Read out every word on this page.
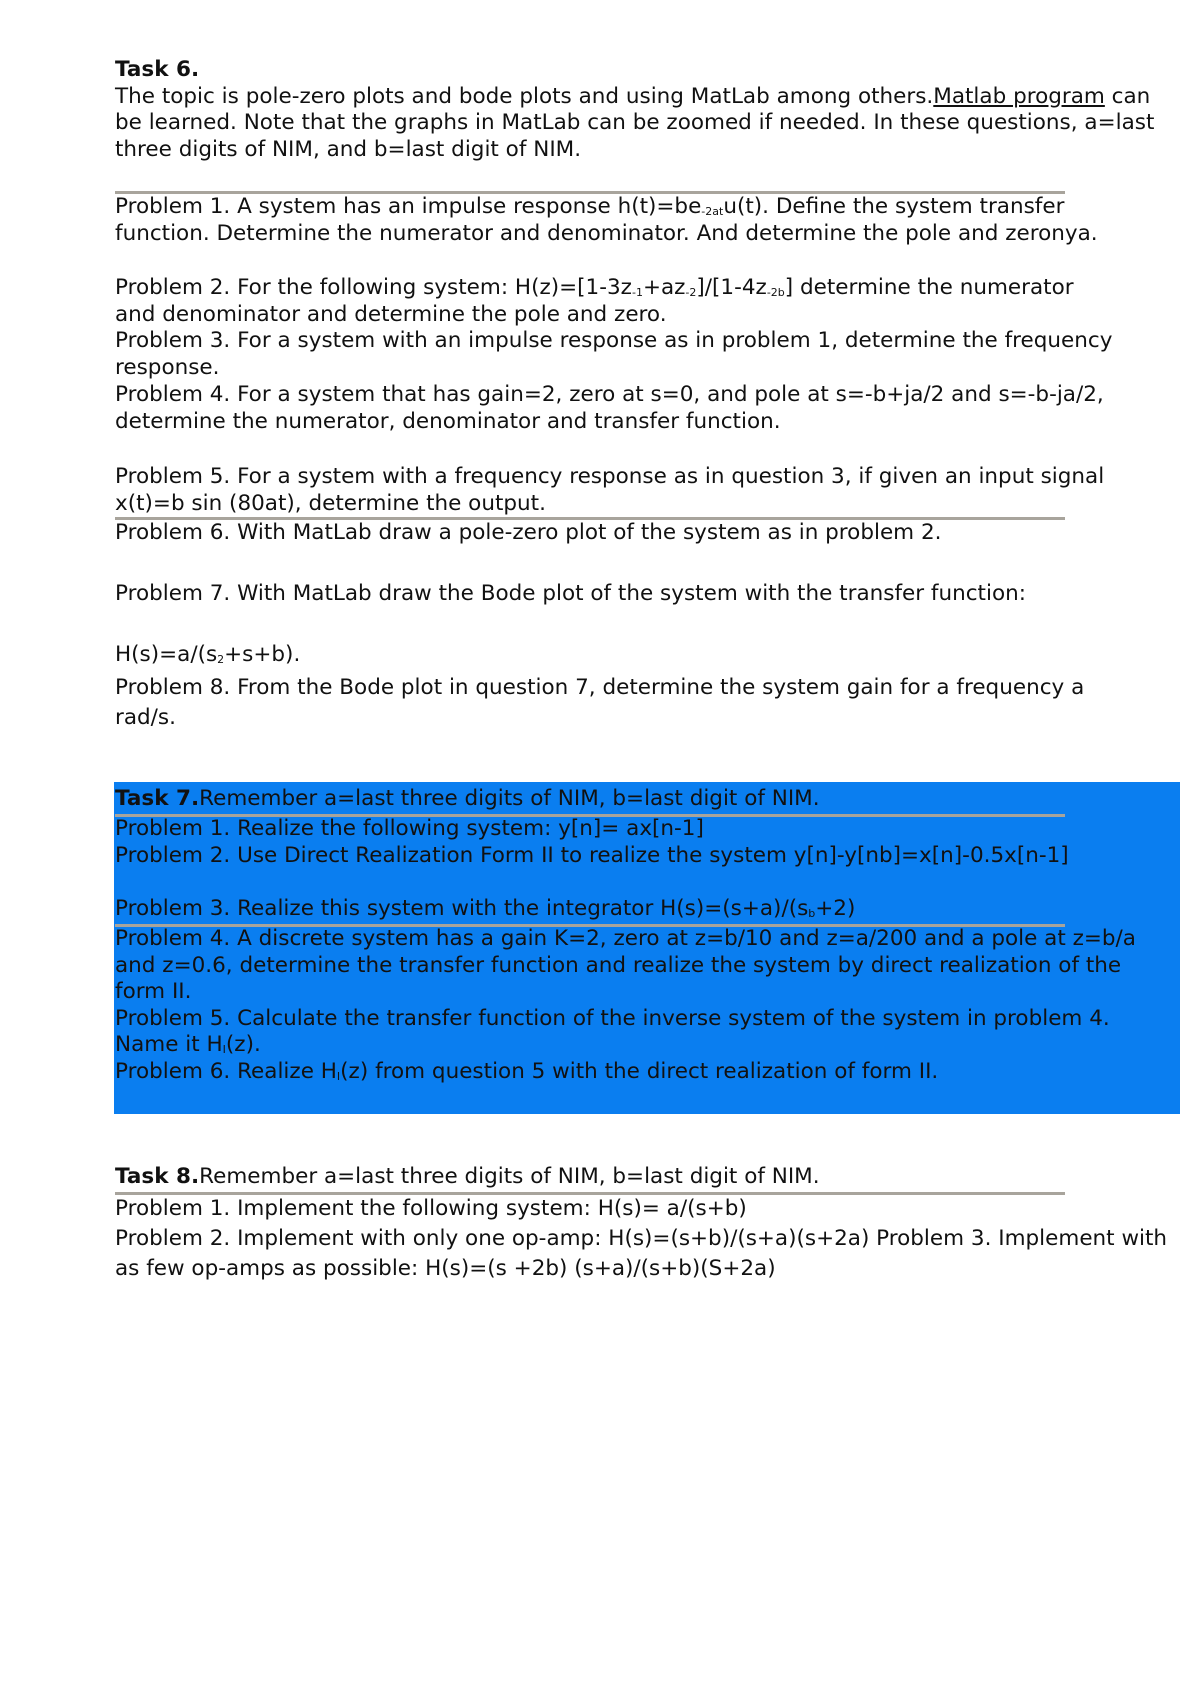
Task 6.
The topic is pole-zero plots and bode plots and using MatLab among others.Matlab program can
be learned. Note that the graphs in MatLab can be zoomed if needed. In these questions, a=last
three digits of NIM, and b=last digit of NIM.
Problem 1. A system has an impulse response $h(t)=be_{-2at}u(t)$. Define the system transfer
function. Determine the numerator and denominator. And determine the pole and zeronya.
Problem 2. For the following system: $H(z)=[1-3z_{-1}+az_{-2}]/[1-4z_{-2b}]$ determine the numerator
and denominator and determine the pole and zero.
Problem 3. For a system with an impulse response as in problem 1, determine the frequency
response.
Problem 4. For a system that has gain=2, zero at s=0, and pole at s=-b+ja/2 and s=-b-ja/2,
determine the numerator, denominator and transfer function.
Problem 5. For a system with a frequency response as in question 3, if given an input signal
x(t)=b sin (80at), determine the output.
Problem 6. With MatLab draw a pole-zero plot of the system as in problem 2.
Problem 7. With MatLab draw the Bode plot of the system with the transfer function:
$H(s)=a/(s_2+s+b)$.
Problem 8. From the Bode plot in question 7, determine the system gain for a frequency a
rad/s.
Task 7.Remember a=last three digits of NIM, b=last digit of NIM.
Problem 1. Realize the following system: y[n]= ax[n-1]
Problem 2. Use Direct Realization Form II to realize the system y[n]-y[nb]=x[n]-0.5x[n-1]
Problem 3. Realize this system with the integrator $H(s)=(s+a)/(s_b+2)$
Problem 4. A discrete system has a gain K=2, zero at z=b/10 and z=a/200 and a pole at z=b/a
and z=0.6, determine the transfer function and realize the system by direct realization of the
form II.
Problem 5. Calculate the transfer function of the inverse system of the system in problem 4.
Name it $H_I(z)$.
Problem 6. Realize $H_I(z)$ from question 5 with the direct realization of form II.
Task 8.Remember a=last three digits of NIM, b=last digit of NIM.
Problem 1. Implement the following system: H(s)= a/(s+b)
Problem 2. Implement with only one op-amp: H(s)=(s+b)/(s+a)(s+2a) Problem 3. Implement with
as few op-amps as possible: H(s)=(s +2b) (s+a)/(s+b)(S+2a)
